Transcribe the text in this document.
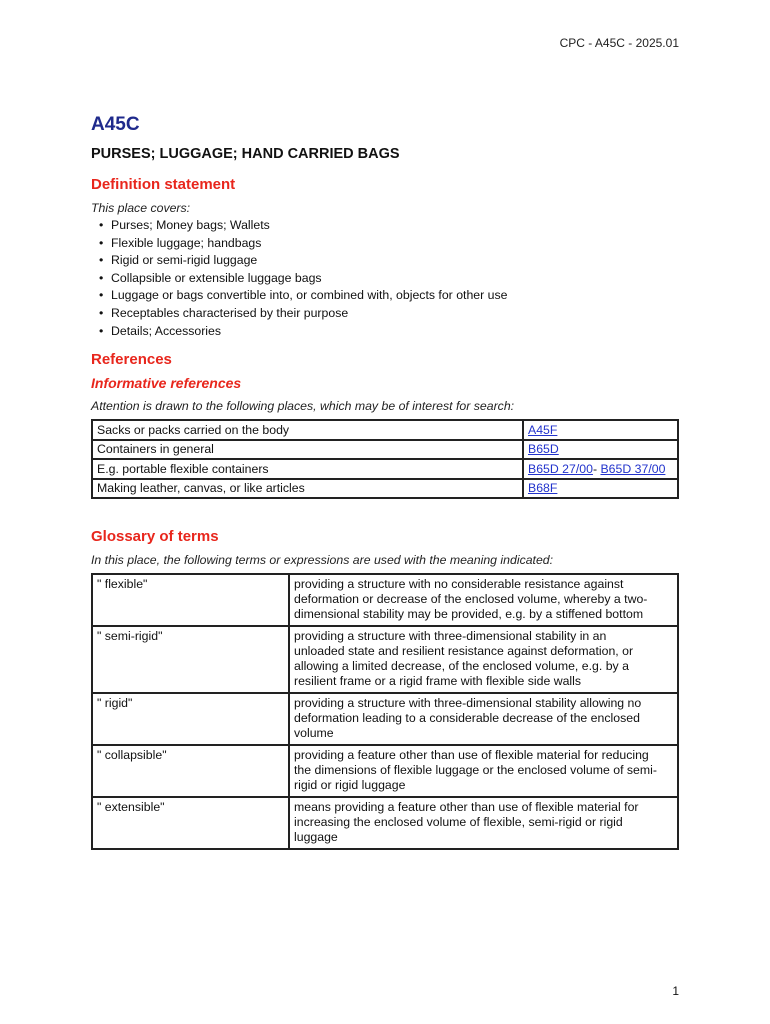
CPC - A45C - 2025.01
A45C
PURSES; LUGGAGE; HAND CARRIED BAGS
Definition statement
This place covers:
• Purses; Money bags; Wallets
• Flexible luggage; handbags
• Rigid or semi-rigid luggage
• Collapsible or extensible luggage bags
• Luggage or bags convertible into, or combined with, objects for other use
• Receptables characterised by their purpose
• Details; Accessories
References
Informative references
Attention is drawn to the following places, which may be of interest for search:
Sacks or packs carried on the body	A45F
Containers in general	B65D
E.g. portable flexible containers	B65D 27/00- B65D 37/00
Making leather, canvas, or like articles	B68F
Glossary of terms
In this place, the following terms or expressions are used with the meaning indicated:
" flexible"	providing a structure with no considerable resistance against
deformation or decrease of the enclosed volume, whereby a two-
dimensional stability may be provided, e.g. by a stiffened bottom

" semi-rigid"	providing a structure with three-dimensional stability in an
unloaded state and resilient resistance against deformation, or
allowing a limited decrease, of the enclosed volume, e.g. by a
resilient frame or a rigid frame with flexible side walls

" rigid"	providing a structure with three-dimensional stability allowing no
deformation leading to a considerable decrease of the enclosed
volume

" collapsible"	providing a feature other than use of flexible material for reducing
the dimensions of flexible luggage or the enclosed volume of semi-
rigid or rigid luggage

" extensible"	means providing a feature other than use of flexible material for
increasing the enclosed volume of flexible, semi-rigid or rigid
luggage
1
